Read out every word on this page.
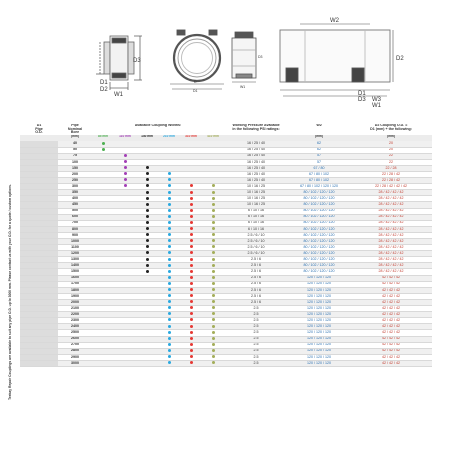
D1
D2
D3
W1
D
D1
W1
D3
W2
D2
D1
D3 W3
W1
Teekay Repair Couplings are available to suit any pipe O.D. up to 3000 mm. Please contact us with your O.D. for a quote / custom options.
D1
Pipe
O.D.	Pipe
Nominal
Bore	Available Coupling Widths:						Working Pressure Available
in the following PSI ratings:	W2	D2 Coupling O.D. =
D1 (mm) + the following:
	(mm)	85 mm	110 mm	140 mm	210 mm	310 mm	410 mm		(mm)	(mm)
	40							16 / 25 / 40	62	20
	50							16 / 25 / 40	62	20
	75							16 / 25 / 40	57	22
	100							16 / 25 / 40	57	22
	150							16 / 25 / 40	67 / 80	22 / 28
	200							16 / 25 / 40	67 / 80 / 102	22 / 28 / 42
	250							16 / 25 / 40	67 / 80 / 102	22 / 28 / 42
	300							10 / 16 / 25	67 / 80 / 102 / 120 / 120	22 / 28 / 42 / 42 / 42
	350							10 / 16 / 25	80 / 102 / 120 / 120	28 / 42 / 42 / 42
	400							10 / 16 / 25	80 / 102 / 120 / 120	28 / 42 / 42 / 42
	450							10 / 16 / 25	80 / 102 / 120 / 120	28 / 42 / 42 / 42
	500							6 / 10 / 16	80 / 102 / 120 / 120	28 / 42 / 42 / 42
	600							6 / 10 / 16	80 / 102 / 120 / 120	28 / 42 / 42 / 42
	700							6 / 10 / 16	80 / 102 / 120 / 120	28 / 42 / 42 / 42
	800							6 / 10 / 16	80 / 102 / 120 / 120	28 / 42 / 42 / 42
	900							2.5 / 6 / 10	80 / 102 / 120 / 120	28 / 42 / 42 / 42
	1000							2.5 / 6 / 10	80 / 102 / 120 / 120	28 / 42 / 42 / 42
	1100							2.5 / 6 / 10	80 / 102 / 120 / 120	28 / 42 / 42 / 42
	1200							2.5 / 6 / 10	80 / 102 / 120 / 120	28 / 42 / 42 / 42
	1300							2.5 / 6	80 / 102 / 120 / 120	28 / 42 / 42 / 42
	1400							2.5 / 6	80 / 102 / 120 / 120	28 / 42 / 42 / 42
	1500							2.5 / 6	80 / 102 / 120 / 120	28 / 42 / 42 / 42
	1600							2.5 / 6	120 / 120 / 120	42 / 42 / 42
	1700							2.5 / 6	120 / 120 / 120	42 / 42 / 42
	1800							2.5 / 6	120 / 120 / 120	42 / 42 / 42
	1900							2.5 / 6	120 / 120 / 120	42 / 42 / 42
	2000							2.5 / 6	120 / 120 / 120	42 / 42 / 42
	2100							2.5	120 / 120 / 120	42 / 42 / 42
	2200							2.5	120 / 120 / 120	42 / 42 / 42
	2300							2.5	120 / 120 / 120	42 / 42 / 42
	2400							2.5	120 / 120 / 120	42 / 42 / 42
	2500							2.5	120 / 120 / 120	42 / 42 / 42
	2600							2.5	120 / 120 / 120	42 / 42 / 42
	2700							2.5	120 / 120 / 120	42 / 42 / 42
	2800							2.5	120 / 120 / 120	42 / 42 / 42
	2900							2.5	120 / 120 / 120	42 / 42 / 42
	3000							2.5	120 / 120 / 120	42 / 42 / 42
